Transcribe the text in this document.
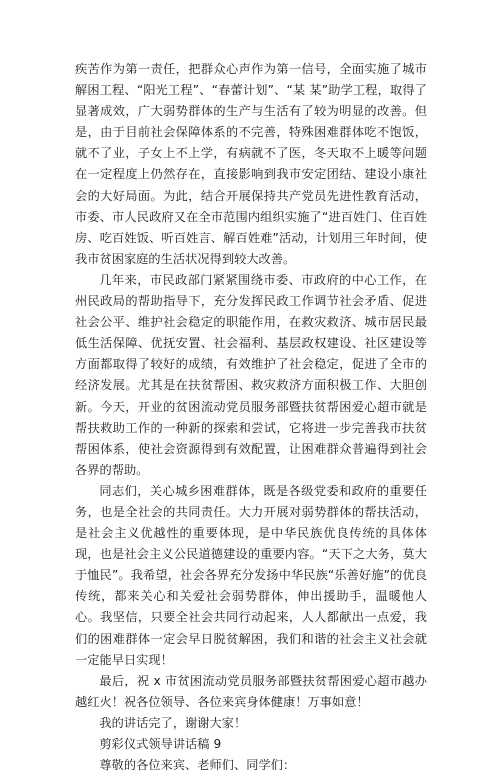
疾苦作为第一责任，把群众心声作为第一信号，全面实施了城市解困工程、“阳光工程”、“春蕾计划”、“某 某”助学工程，取得了显著成效，广大弱势群体的生产与生活有了较为明显的改善。但是，由于目前社会保障体系的不完善，特殊困难群体吃不饱饭，就不了业，子女上不上学，有病就不了医，冬天取不上暖等问题在一定程度上仍然存在，直接影响到我市安定团结、建设小康社会的大好局面。为此，结合开展保持共产党员先进性教育活动，市委、市人民政府又在全市范围内组织实施了“进百姓门、住百姓房、吃百姓饭、听百姓言、解百姓难”活动，计划用三年时间，使我市贫困家庭的生活状况得到较大改善。

几年来，市民政部门紧紧围绕市委、市政府的中心工作，在州民政局的帮助指导下，充分发挥民政工作调节社会矛盾、促进社会公平、维护社会稳定的职能作用，在救灾救济、城市居民最低生活保障、优抚安置、社会福利、基层政权建设、社区建设等方面都取得了较好的成绩，有效维护了社会稳定，促进了全市的经济发展。尤其是在扶贫帮困、救灾救济方面积极工作、大胆创新。今天，开业的贫困流动党员服务部暨扶贫帮困爱心超市就是帮扶救助工作的一种新的探索和尝试，它将进一步完善我市扶贫帮困体系，使社会资源得到有效配置，让困难群众普遍得到社会各界的帮助。

同志们，关心城乡困难群体，既是各级党委和政府的重要任务，也是全社会的共同责任。大力开展对弱势群体的帮扶活动，是社会主义优越性的重要体现，是中华民族优良传统的具体体现，也是社会主义公民道德建设的重要内容。“天下之大务，莫大于恤民”。我希望，社会各界充分发扬中华民族“乐善好施”的优良传统，都来关心和关爱社会弱势群体，伸出援助手，温暖他人心。我坚信，只要全社会共同行动起来，人人都献出一点爱，我们的困难群体一定会早日脱贫解困，我们和谐的社会主义社会就一定能早日实现！

最后，祝 x 市贫困流动党员服务部暨扶贫帮困爱心超市越办越红火！祝各位领导、各位来宾身体健康！万事如意！

我的讲话完了，谢谢大家！

剪彩仪式领导讲话稿 9

尊敬的各位来宾、老师们、同学们：
